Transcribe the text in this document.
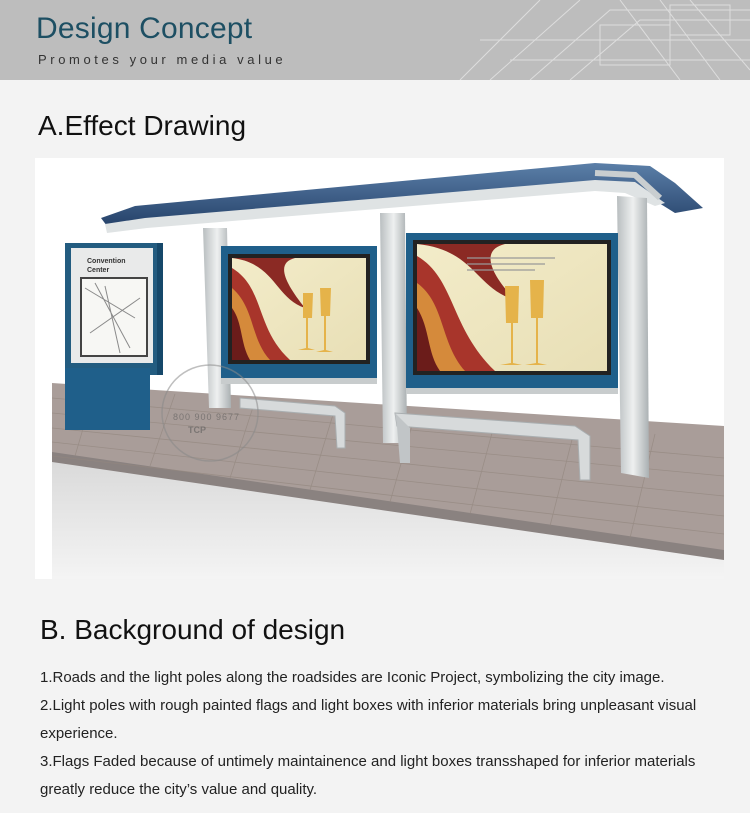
Design Concept
Promotes your media value
A.Effect Drawing
Convention
Center
800 900 9677
TCP
B. Background of design

1.Roads and the light poles along the roadsides are Iconic Project, symbolizing the city image.

2.Light poles with rough painted flags and light boxes with inferior materials bring unpleasant visual experience.

3.Flags Faded because of untimely maintainence and light boxes transshaped for inferior materials greatly reduce the city’s value and quality.
